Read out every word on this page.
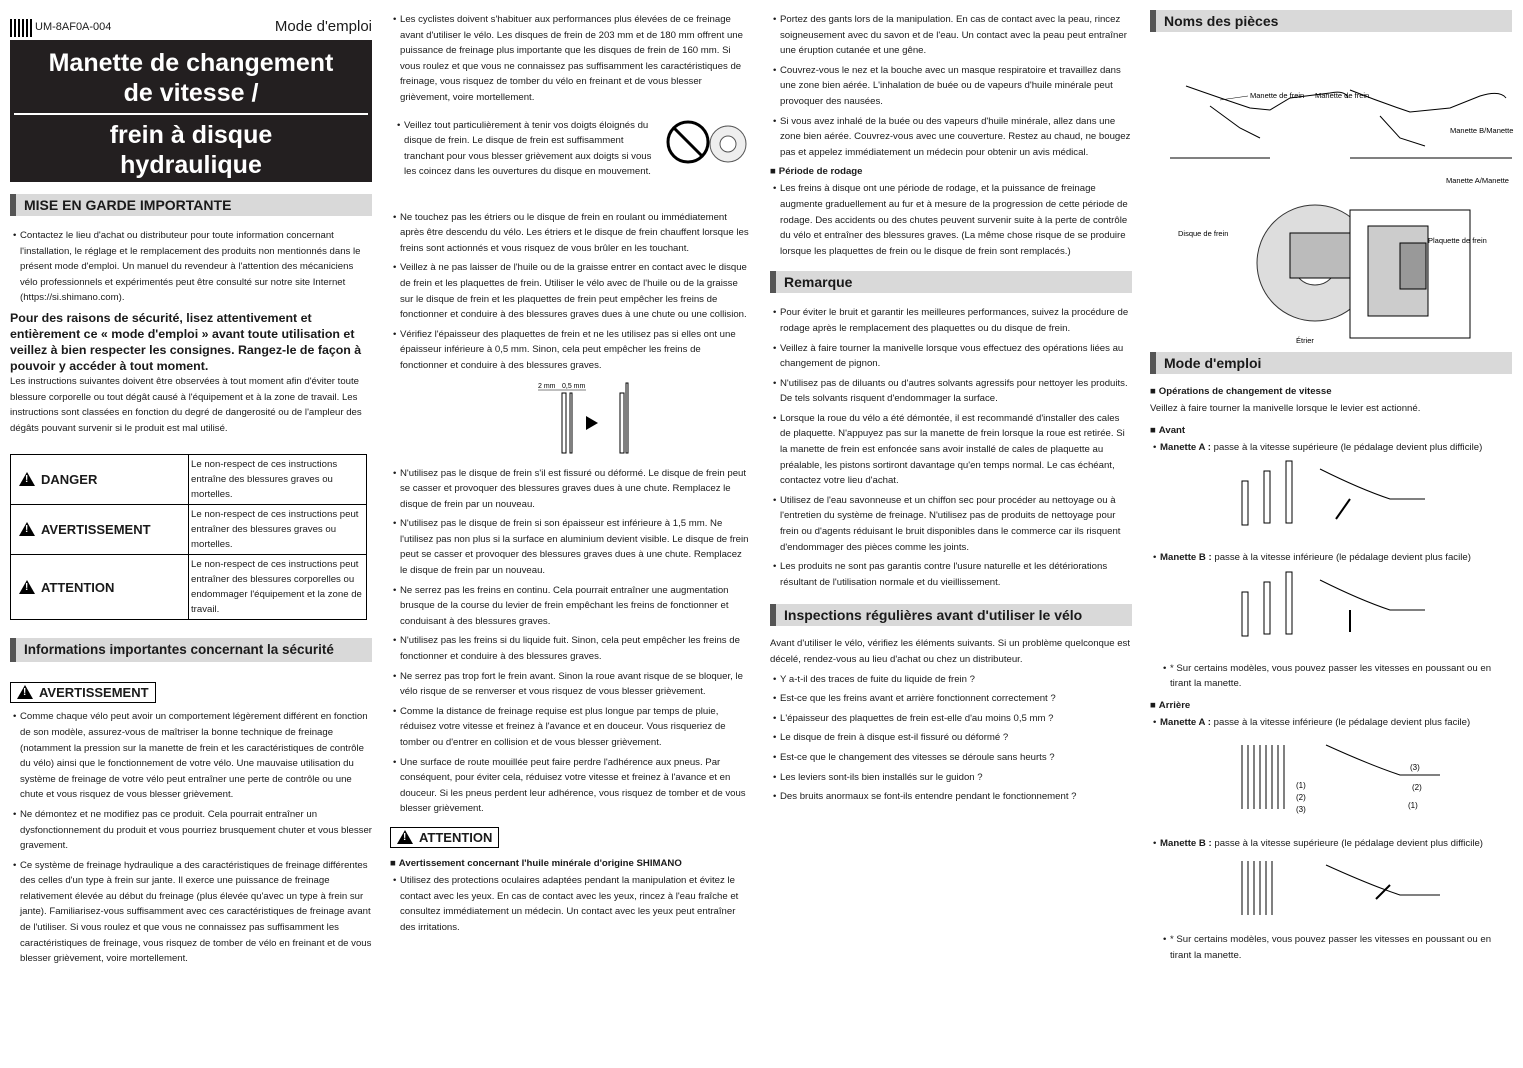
UM-8AF0A-004	Mode d'emploi
Manette de changement
de vitesse /
frein à disque
hydraulique
MISE EN GARDE IMPORTANTE

• Contactez le lieu d'achat ou distributeur pour toute information concernant l'installation, le réglage et le remplacement des produits non mentionnés dans le présent mode d'emploi. Un manuel du revendeur à l'attention des mécaniciens vélo professionnels et expérimentés peut être consulté sur notre site Internet (https://si.shimano.com).

Pour des raisons de sécurité, lisez attentivement et entièrement ce « mode d'emploi » avant toute utilisation et veillez à bien respecter les consignes. Rangez-le de façon à pouvoir y accéder à tout moment.

Les instructions suivantes doivent être observées à tout moment afin d'éviter toute blessure corporelle ou tout dégât causé à l'équipement et à la zone de travail. Les instructions sont classées en fonction du degré de dangerosité ou de l'ampleur des dégâts pouvant survenir si le produit est mal utilisé.

!DANGER	Le non-respect de ces instructions entraîne des blessures graves ou mortelles.
!AVERTISSEMENT	Le non-respect de ces instructions peut entraîner des blessures graves ou mortelles.
!ATTENTION	Le non-respect de ces instructions peut entraîner des blessures corporelles ou endommager l'équipement et la zone de travail.
Informations importantes concernant la sécurité
!AVERTISSEMENT

• Comme chaque vélo peut avoir un comportement légèrement différent en fonction de son modèle, assurez-vous de maîtriser la bonne technique de freinage (notamment la pression sur la manette de frein et les caractéristiques de contrôle du vélo) ainsi que le fonctionnement de votre vélo. Une mauvaise utilisation du système de freinage de votre vélo peut entraîner une perte de contrôle ou une chute et vous risquez de vous blesser grièvement.

• Ne démontez et ne modifiez pas ce produit. Cela pourrait entraîner un dysfonctionnement du produit et vous pourriez brusquement chuter et vous blesser gravement.

• Ce système de freinage hydraulique a des caractéristiques de freinage différentes des celles d'un type à frein sur jante. Il exerce une puissance de freinage relativement élevée au début du freinage (plus élevée qu'avec un type à frein sur jante). Familiarisez-vous suffisamment avec ces caractéristiques de freinage avant de l'utiliser. Si vous roulez et que vous ne connaissez pas suffisamment les caractéristiques de freinage, vous risquez de tomber de vélo en freinant et de vous blesser grièvement, voire mortellement.

• Les cyclistes doivent s'habituer aux performances plus élevées de ce freinage avant d'utiliser le vélo. Les disques de frein de 203 mm et de 180 mm offrent une puissance de freinage plus importante que les disques de frein de 160 mm. Si vous roulez et que vous ne connaissez pas suffisamment les caractéristiques de freinage, vous risquez de tomber du vélo en freinant et de vous blesser grièvement, voire mortellement.

• Veillez tout particulièrement à tenir vos doigts éloignés du disque de frein. Le disque de frein est suffisamment tranchant pour vous blesser grièvement aux doigts si vous les coincez dans les ouvertures du disque en mouvement.

• Ne touchez pas les étriers ou le disque de frein en roulant ou immédiatement après être descendu du vélo. Les étriers et le disque de frein chauffent lorsque les freins sont actionnés et vous risquez de vous brûler en les touchant.

• Veillez à ne pas laisser de l'huile ou de la graisse entrer en contact avec le disque de frein et les plaquettes de frein. Utiliser le vélo avec de l'huile ou de la graisse sur le disque de frein et les plaquettes de frein peut empêcher les freins de fonctionner et conduire à des blessures graves dues à une chute ou une collision.

• Vérifiez l'épaisseur des plaquettes de frein et ne les utilisez pas si elles ont une épaisseur inférieure à 0,5 mm. Sinon, cela peut empêcher les freins de fonctionner et conduire à des blessures graves.

2 mm 0,5 mm

• N'utilisez pas le disque de frein s'il est fissuré ou déformé. Le disque de frein peut se casser et provoquer des blessures graves dues à une chute. Remplacez le disque de frein par un nouveau.

• N'utilisez pas le disque de frein si son épaisseur est inférieure à 1,5 mm. Ne l'utilisez pas non plus si la surface en aluminium devient visible. Le disque de frein peut se casser et provoquer des blessures graves dues à une chute. Remplacez le disque de frein par un nouveau.

• Ne serrez pas les freins en continu. Cela pourrait entraîner une augmentation brusque de la course du levier de frein empêchant les freins de fonctionner et conduisant à des blessures graves.

• N'utilisez pas les freins si du liquide fuit. Sinon, cela peut empêcher les freins de fonctionner et conduire à des blessures graves.

• Ne serrez pas trop fort le frein avant. Sinon la roue avant risque de se bloquer, le vélo risque de se renverser et vous risquez de vous blesser grièvement.

• Comme la distance de freinage requise est plus longue par temps de pluie, réduisez votre vitesse et freinez à l'avance et en douceur. Vous risqueriez de tomber ou d'entrer en collision et de vous blesser grièvement.

• Une surface de route mouillée peut faire perdre l'adhérence aux pneus. Par conséquent, pour éviter cela, réduisez votre vitesse et freinez à l'avance et en douceur. Si les pneus perdent leur adhérence, vous risquez de tomber et de vous blesser grièvement.

!ATTENTION
■ Avertissement concernant l'huile minérale d'origine SHIMANO

• Utilisez des protections oculaires adaptées pendant la manipulation et évitez le contact avec les yeux. En cas de contact avec les yeux, rincez à l'eau fraîche et consultez immédiatement un médecin. Un contact avec les yeux peut entraîner des irritations.

• Portez des gants lors de la manipulation. En cas de contact avec la peau, rincez soigneusement avec du savon et de l'eau. Un contact avec la peau peut entraîner une éruption cutanée et une gêne.

• Couvrez-vous le nez et la bouche avec un masque respiratoire et travaillez dans une zone bien aérée. L'inhalation de buée ou de vapeurs d'huile minérale peut provoquer des nausées.

• Si vous avez inhalé de la buée ou des vapeurs d'huile minérale, allez dans une zone bien aérée. Couvrez-vous avec une couverture. Restez au chaud, ne bougez pas et appelez immédiatement un médecin pour obtenir un avis médical.

■ Période de rodage

• Les freins à disque ont une période de rodage, et la puissance de freinage augmente graduellement au fur et à mesure de la progression de cette période de rodage. Des accidents ou des chutes peuvent survenir suite à la perte de contrôle du vélo et entraîner des blessures graves. (La même chose risque de se produire lorsque les plaquettes de frein ou le disque de frein sont remplacés.)

Remarque

• Pour éviter le bruit et garantir les meilleures performances, suivez la procédure de rodage après le remplacement des plaquettes ou du disque de frein.

• Veillez à faire tourner la manivelle lorsque vous effectuez des opérations liées au changement de pignon.

• N'utilisez pas de diluants ou d'autres solvants agressifs pour nettoyer les produits. De tels solvants risquent d'endommager la surface.

• Lorsque la roue du vélo a été démontée, il est recommandé d'installer des cales de plaquette. N'appuyez pas sur la manette de frein lorsque la roue est retirée. Si la manette de frein est enfoncée sans avoir installé de cales de plaquette au préalable, les pistons sortiront davantage qu'en temps normal. Le cas échéant, contactez votre lieu d'achat.

• Utilisez de l'eau savonneuse et un chiffon sec pour procéder au nettoyage ou à l'entretien du système de freinage. N'utilisez pas de produits de nettoyage pour frein ou d'agents réduisant le bruit disponibles dans le commerce car ils risquent d'endommager des pièces comme les joints.

• Les produits ne sont pas garantis contre l'usure naturelle et les détériorations résultant de l'utilisation normale et du vieillissement.

Inspections régulières avant d'utiliser le vélo

Avant d'utiliser le vélo, vérifiez les éléments suivants. Si un problème quelconque est décelé, rendez-vous au lieu d'achat ou chez un distributeur.

• Y a-t-il des traces de fuite du liquide de frein ?

• Est-ce que les freins avant et arrière fonctionnent correctement ?

• L'épaisseur des plaquettes de frein est-elle d'au moins 0,5 mm ?

• Le disque de frein à disque est-il fissuré ou déformé ?

• Est-ce que le changement des vitesses se déroule sans heurts ?

• Les leviers sont-ils bien installés sur le guidon ?

• Des bruits anormaux se font-ils entendre pendant le fonctionnement ?

Noms des pièces
Manette de frein Manette de frein
Manette B/Manette
Manette A/Manette
Disque de frein
Plaquette de frein
Étrier
Mode d'emploi
■ Opérations de changement de vitesse

Veillez à faire tourner la manivelle lorsque le levier est actionné.

■ Avant

• Manette A : passe à la vitesse supérieure (le pédalage devient plus difficile)

• Manette B : passe à la vitesse inférieure (le pédalage devient plus facile)

• * Sur certains modèles, vous pouvez passer les vitesses en poussant ou en tirant la manette.

■ Arrière

• Manette A : passe à la vitesse inférieure (le pédalage devient plus facile)

(1)
(2)
(3)
(3)
(2)
(1)

• Manette B : passe à la vitesse supérieure (le pédalage devient plus difficile)

• * Sur certains modèles, vous pouvez passer les vitesses en poussant ou en tirant la manette.
